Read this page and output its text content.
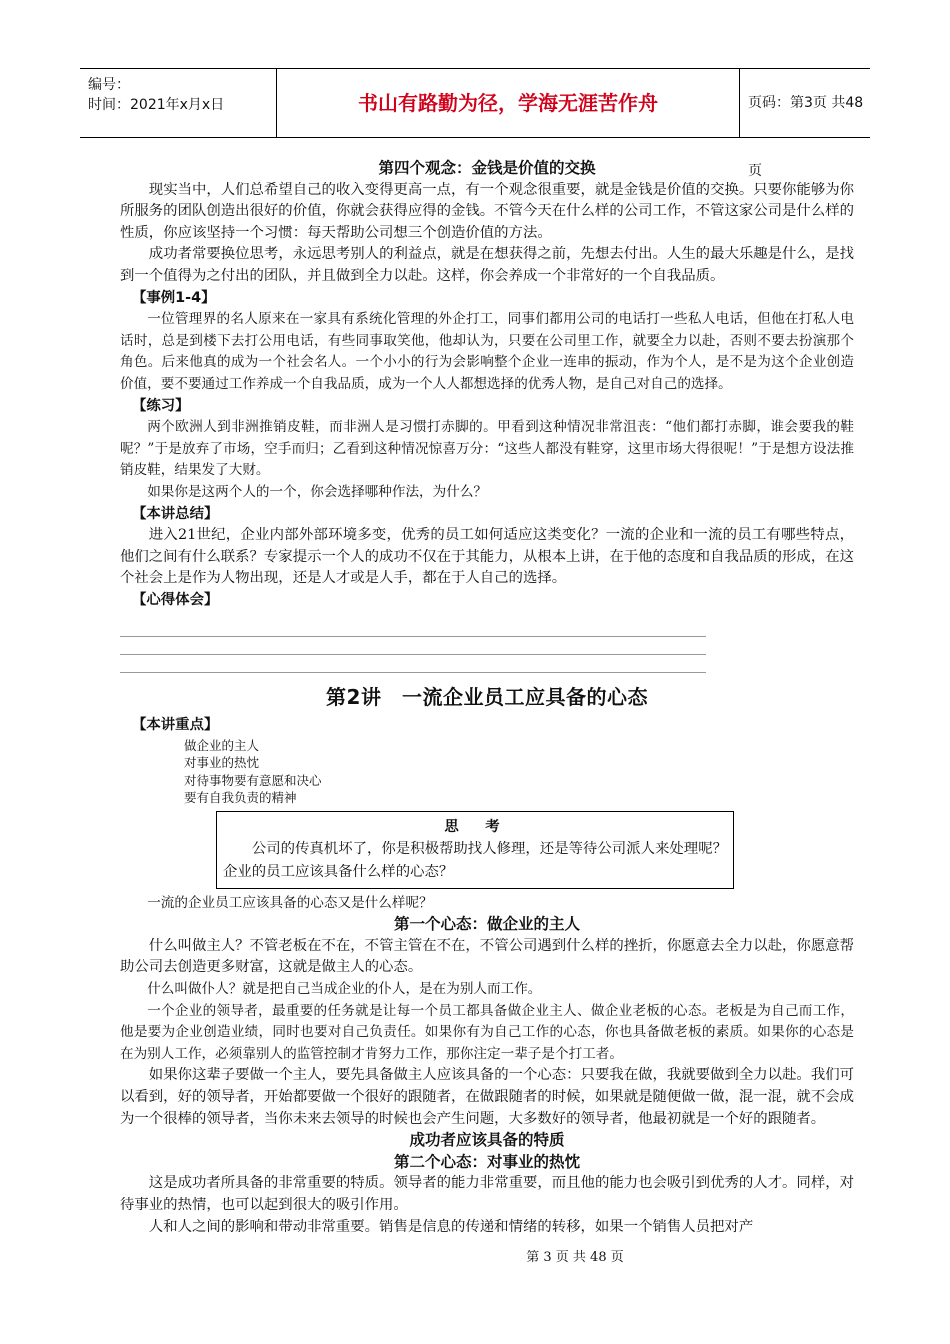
编号：
时间：2021年x月x日	书山有路勤为径，学海无涯苦作舟	页码：第3页 共48页
第四个观念：金钱是价值的交换

现实当中，人们总希望自己的收入变得更高一点，有一个观念很重要，就是金钱是价值的交换。只要你能够为你所服务的团队创造出很好的价值，你就会获得应得的金钱。不管今天在什么样的公司工作，不管这家公司是什么样的性质，你应该坚持一个习惯：每天帮助公司想三个创造价值的方法。

成功者常要换位思考，永远思考别人的利益点，就是在想获得之前，先想去付出。人生的最大乐趣是什么，是找到一个值得为之付出的团队，并且做到全力以赴。这样，你会养成一个非常好的一个自我品质。

【事例1-4】

一位管理界的名人原来在一家具有系统化管理的外企打工，同事们都用公司的电话打一些私人电话，但他在打私人电话时，总是到楼下去打公用电话，有些同事取笑他，他却认为，只要在公司里工作，就要全力以赴，否则不要去扮演那个角色。后来他真的成为一个社会名人。一个小小的行为会影响整个企业一连串的振动，作为个人，是不是为这个企业创造价值，要不要通过工作养成一个自我品质，成为一个人人都想选择的优秀人物，是自己对自己的选择。

【练习】

两个欧洲人到非洲推销皮鞋，而非洲人是习惯打赤脚的。甲看到这种情况非常沮丧：“他们都打赤脚，谁会要我的鞋呢？”于是放弃了市场，空手而归；乙看到这种情况惊喜万分：“这些人都没有鞋穿，这里市场大得很呢！”于是想方设法推销皮鞋，结果发了大财。

如果你是这两个人的一个，你会选择哪种作法，为什么？

【本讲总结】

进入21世纪，企业内部外部环境多变，优秀的员工如何适应这类变化？一流的企业和一流的员工有哪些特点，他们之间有什么联系？专家提示一个人的成功不仅在于其能力，从根本上讲，在于他的态度和自我品质的形成，在这个社会上是作为人物出现，还是人才或是人手，都在于人自己的选择。

【心得体会】
第2讲　一流企业员工应具备的心态
【本讲重点】
做企业的主人
对事业的热忱
对待事物要有意愿和决心
要有自我负责的精神
思　考

公司的传真机坏了，你是积极帮助找人修理，还是等待公司派人来处理呢？企业的员工应该具备什么样的心态？

一流的企业员工应该具备的心态又是什么样呢？

第一个心态：做企业的主人

什么叫做主人？不管老板在不在，不管主管在不在，不管公司遇到什么样的挫折，你愿意去全力以赴，你愿意帮助公司去创造更多财富，这就是做主人的心态。

什么叫做仆人？就是把自己当成企业的仆人，是在为别人而工作。

一个企业的领导者，最重要的任务就是让每一个员工都具备做企业主人、做企业老板的心态。老板是为自己而工作，他是要为企业创造业绩，同时也要对自己负责任。如果你有为自己工作的心态，你也具备做老板的素质。如果你的心态是在为别人工作，必须靠别人的监管控制才肯努力工作，那你注定一辈子是个打工者。

如果你这辈子要做一个主人，要先具备做主人应该具备的一个心态：只要我在做，我就要做到全力以赴。我们可以看到，好的领导者，开始都要做一个很好的跟随者，在做跟随者的时候，如果就是随便做一做，混一混，就不会成为一个很棒的领导者，当你未来去领导的时候也会产生问题，大多数好的领导者，他最初就是一个好的跟随者。

成功者应该具备的特质
第二个心态：对事业的热忱

这是成功者所具备的非常重要的特质。领导者的能力非常重要，而且他的能力也会吸引到优秀的人才。同样，对待事业的热情，也可以起到很大的吸引作用。

人和人之间的影响和带动非常重要。销售是信息的传递和情绪的转移，如果一个销售人员把对产

第 3 页 共 48 页
